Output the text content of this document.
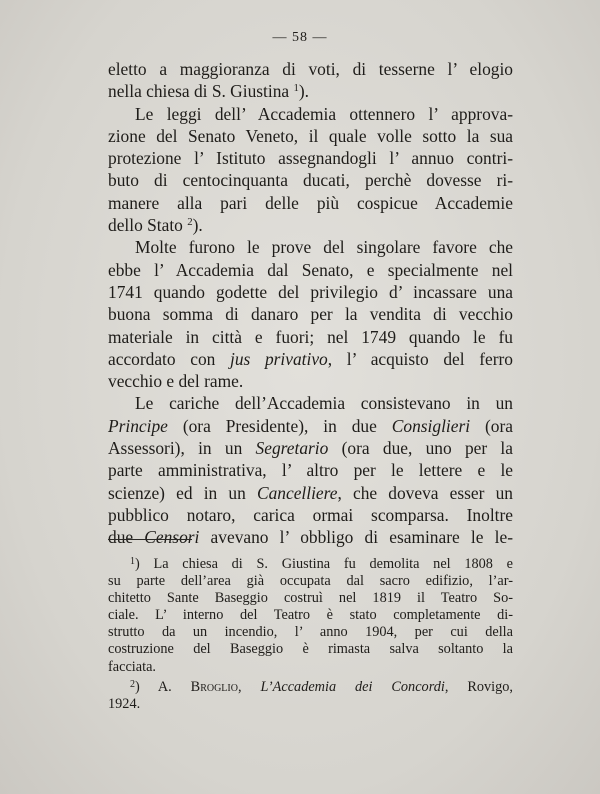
— 58 —
eletto a maggioranza di voti, di tesserne l’ elogio
nella chiesa di S. Giustina $^1$).
Le leggi dell’ Accademia ottennero l’ approva-
zione del Senato Veneto, il quale volle sotto la sua
protezione l’ Istituto assegnandogli l’ annuo contri-
buto di centocinquanta ducati, perchè dovesse ri-
manere alla pari delle più cospicue Accademie
dello Stato $^2$).
Molte furono le prove del singolare favore che
ebbe l’ Accademia dal Senato, e specialmente nel
1741 quando godette del privilegio d’ incassare una
buona somma di danaro per la vendita di vecchio
materiale in città e fuori; nel 1749 quando le fu
accordato con jus privativo, l’ acquisto del ferro
vecchio e del rame.
Le cariche dell’Accademia consistevano in un
Principe (ora Presidente), in due Consiglieri (ora
Assessori), in un Segretario (ora due, uno per la
parte amministrativa, l’ altro per le lettere e le
scienze) ed in un Cancelliere, che doveva esser un
pubblico notaro, carica ormai scomparsa. Inoltre
due Censori avevano l’ obbligo di esaminare le le-
$^1$) La chiesa di S. Giustina fu demolita nel 1808 e
su parte dell’area già occupata dal sacro edifizio, l’ar-
chitetto Sante Baseggio costruì nel 1819 il Teatro So-
ciale. L’ interno del Teatro è stato completamente di-
strutto da un incendio, l’ anno 1904, per cui della
costruzione del Baseggio è rimasta salva soltanto la
facciata.
$^2$) A. Broglio, L’Accademia dei Concordi, Rovigo,
1924.
